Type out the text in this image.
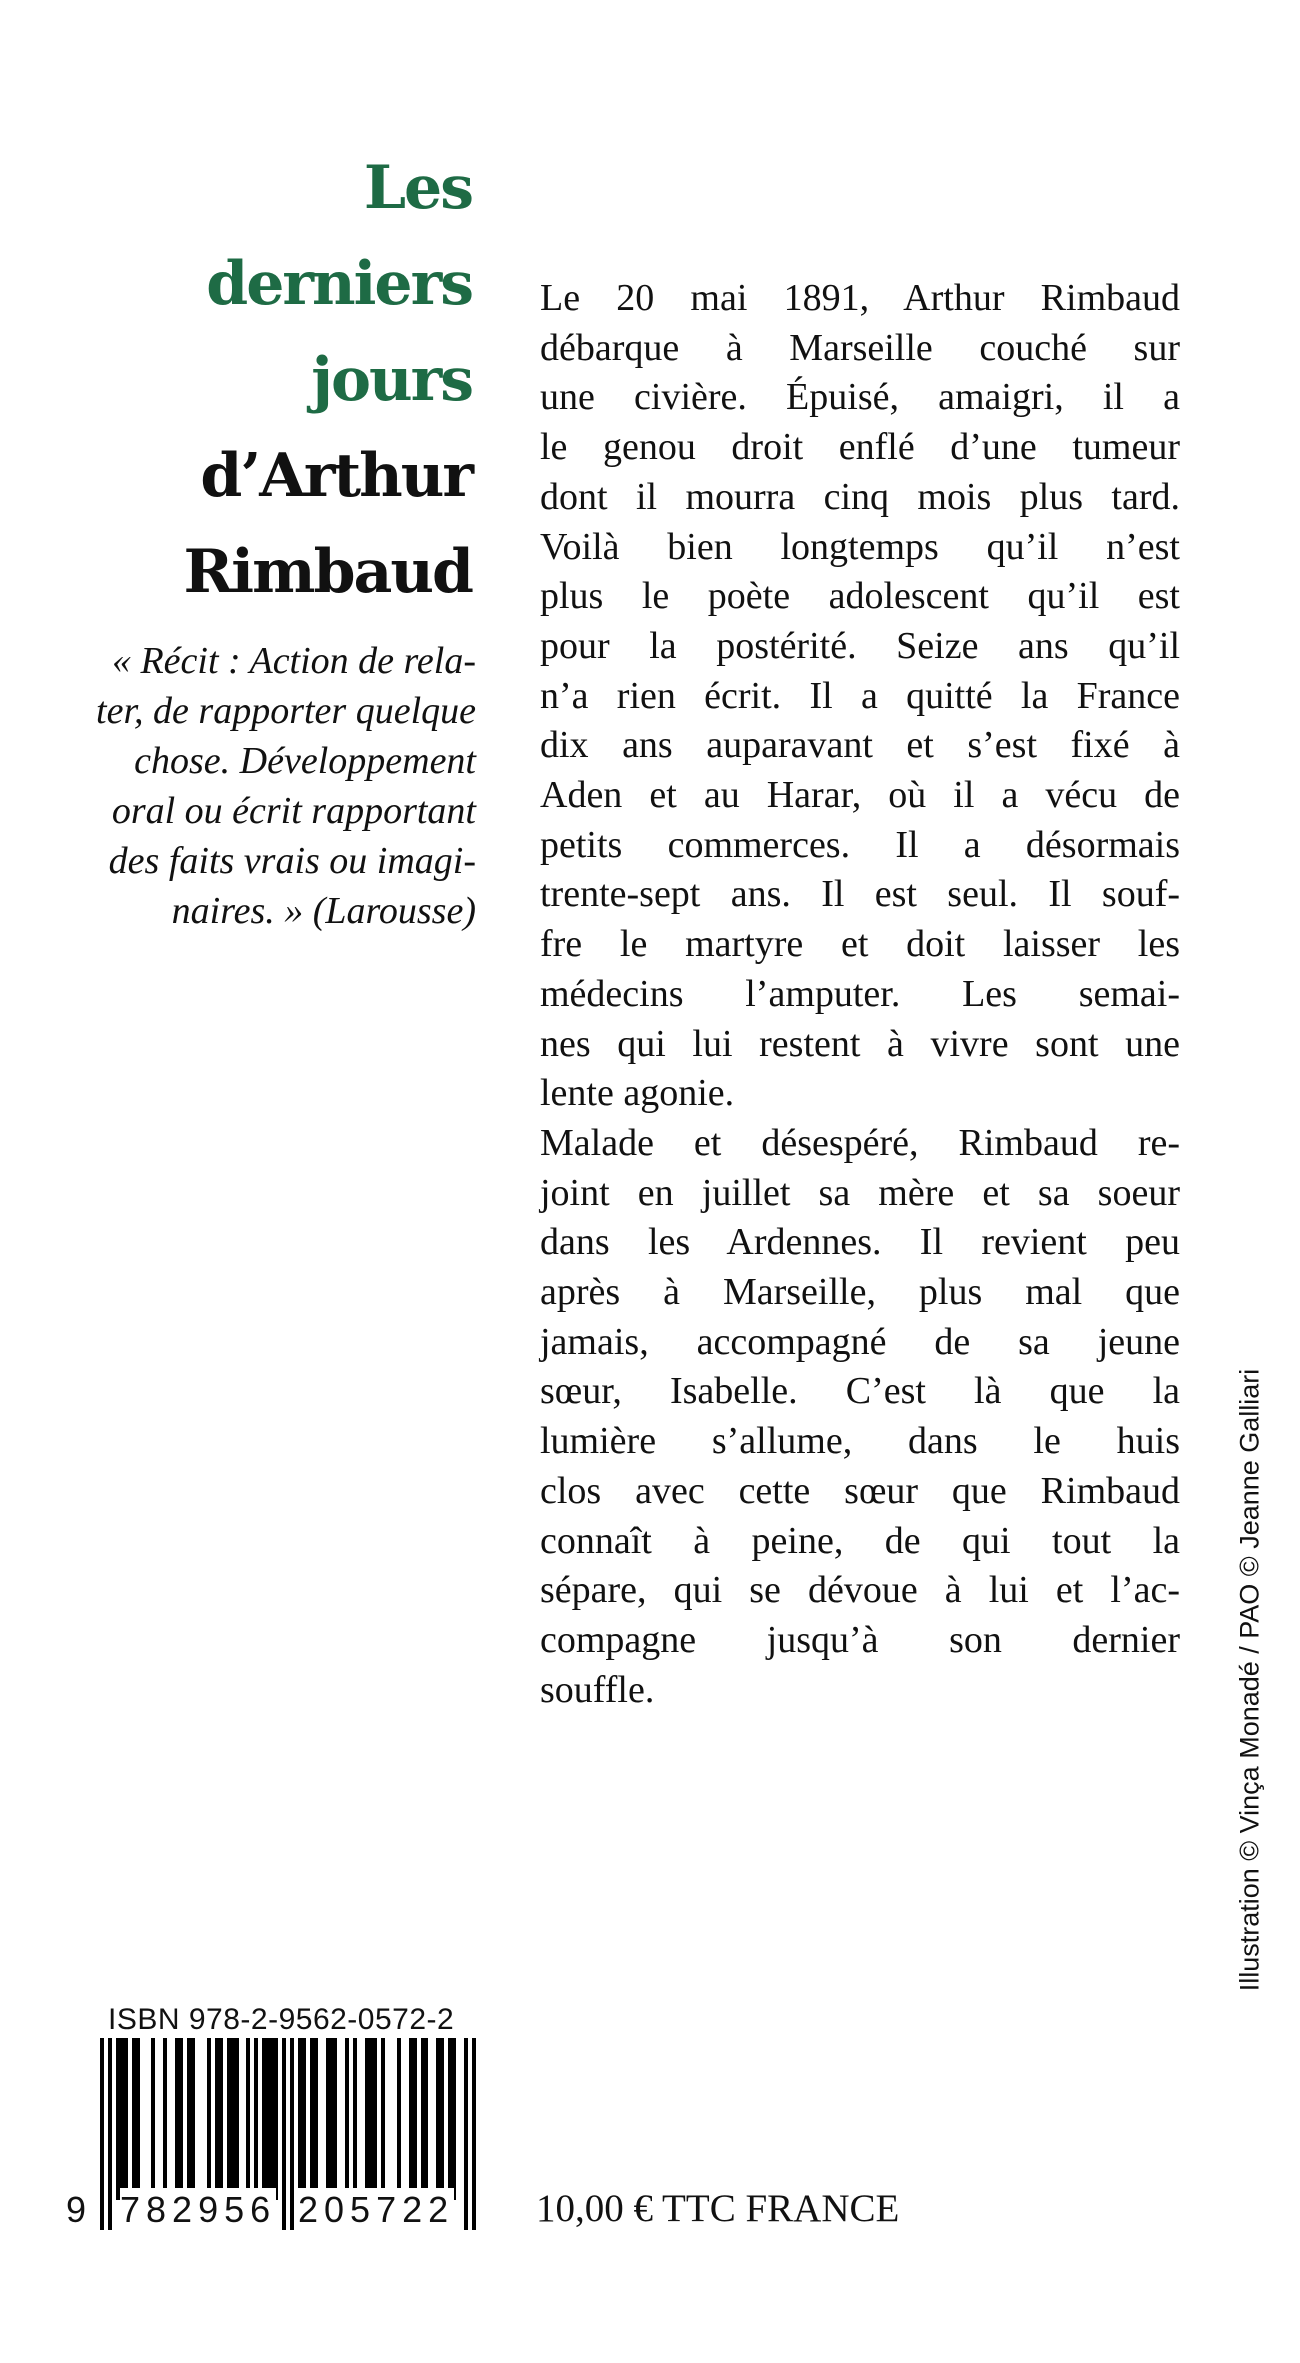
Les
derniers
jours
d’Arthur
Rimbaud
« Récit : Action de rela-
ter, de rapporter quelque
chose. Développement
oral ou écrit rapportant
des faits vrais ou imagi-
naires. » (Larousse)
Le 20 mai 1891, Arthur Rimbaud
débarque à Marseille couché sur
une civière. Épuisé, amaigri, il a
le genou droit enflé d’une tumeur
dont il mourra cinq mois plus tard.
Voilà bien longtemps qu’il n’est
plus le poète adolescent qu’il est
pour la postérité. Seize ans qu’il
n’a rien écrit. Il a quitté la France
dix ans auparavant et s’est fixé à
Aden et au Harar, où il a vécu de
petits commerces. Il a désormais
trente-sept ans. Il est seul. Il souf-
fre le martyre et doit laisser les
médecins l’amputer. Les semai-
nes qui lui restent à vivre sont une
lente agonie.
Malade et désespéré, Rimbaud re-
joint en juillet sa mère et sa soeur
dans les Ardennes. Il revient peu
après à Marseille, plus mal que
jamais, accompagné de sa jeune
sœur, Isabelle. C’est là que la
lumière s’allume, dans le huis
clos avec cette sœur que Rimbaud
connaît à peine, de qui tout la
sépare, qui se dévoue à lui et l’ac-
compagne jusqu’à son dernier
souffle.	Illustration © Vinça Monadé / PAO © Jeanne Galliari
ISBN 978-2-9562-0572-2
9 782956 205722 10,00 € TTC FRANCE
